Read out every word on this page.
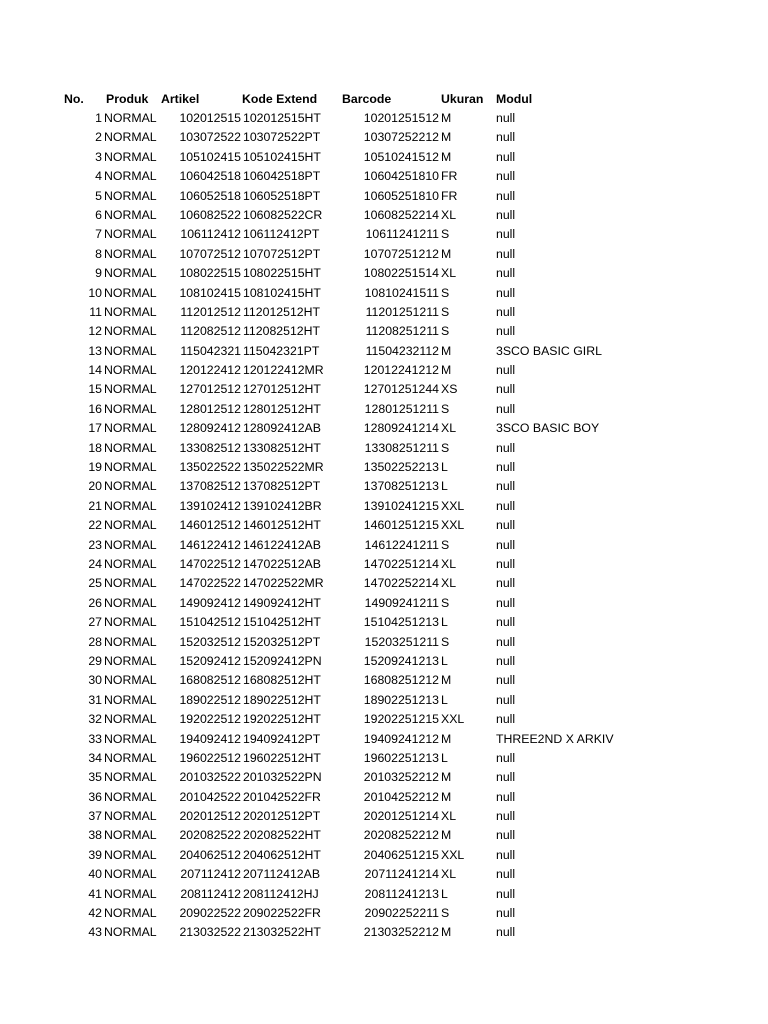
No. Produk Artikel	Kode Extend Barcode	Ukuran Modul
1 NORMAL	102012515 102012515HT	10201251512 M	null
2 NORMAL	103072522 103072522PT	10307252212 M	null
3 NORMAL	105102415 105102415HT	10510241512 M	null
4 NORMAL	106042518 106042518PT	10604251810 FR	null
5 NORMAL	106052518 106052518PT	10605251810 FR	null
6 NORMAL	106082522 106082522CR	10608252214 XL	null
7 NORMAL	106112412 106112412PT	10611241211 S	null
8 NORMAL	107072512 107072512PT	10707251212 M	null
9 NORMAL	108022515 108022515HT	10802251514 XL	null
10 NORMAL	108102415 108102415HT	10810241511 S	null
11 NORMAL	112012512 112012512HT	11201251211 S	null
12 NORMAL	112082512 112082512HT	11208251211 S	null
13 NORMAL	115042321 115042321PT	11504232112 M	3SCO BASIC GIRL
14 NORMAL	120122412 120122412MR	12012241212 M	null
15 NORMAL	127012512 127012512HT	12701251244 XS	null
16 NORMAL	128012512 128012512HT	12801251211 S	null
17 NORMAL	128092412 128092412AB	12809241214 XL	3SCO BASIC BOY
18 NORMAL	133082512 133082512HT	13308251211 S	null
19 NORMAL	135022522 135022522MR	13502252213 L	null
20 NORMAL	137082512 137082512PT	13708251213 L	null
21 NORMAL	139102412 139102412BR	13910241215 XXL	null
22 NORMAL	146012512 146012512HT	14601251215 XXL	null
23 NORMAL	146122412 146122412AB	14612241211 S	null
24 NORMAL	147022512 147022512AB	14702251214 XL	null
25 NORMAL	147022522 147022522MR	14702252214 XL	null
26 NORMAL	149092412 149092412HT	14909241211 S	null
27 NORMAL	151042512 151042512HT	15104251213 L	null
28 NORMAL	152032512 152032512PT	15203251211 S	null
29 NORMAL	152092412 152092412PN	15209241213 L	null
30 NORMAL	168082512 168082512HT	16808251212 M	null
31 NORMAL	189022512 189022512HT	18902251213 L	null
32 NORMAL	192022512 192022512HT	19202251215 XXL	null
33 NORMAL	194092412 194092412PT	19409241212 M	THREE2ND X ARKIV
34 NORMAL	196022512 196022512HT	19602251213 L	null
35 NORMAL	201032522 201032522PN	20103252212 M	null
36 NORMAL	201042522 201042522FR	20104252212 M	null
37 NORMAL	202012512 202012512PT	20201251214 XL	null
38 NORMAL	202082522 202082522HT	20208252212 M	null
39 NORMAL	204062512 204062512HT	20406251215 XXL	null
40 NORMAL	207112412 207112412AB	20711241214 XL	null
41 NORMAL	208112412 208112412HJ	20811241213 L	null
42 NORMAL	209022522 209022522FR	20902252211 S	null
43 NORMAL	213032522 213032522HT	21303252212 M	null
